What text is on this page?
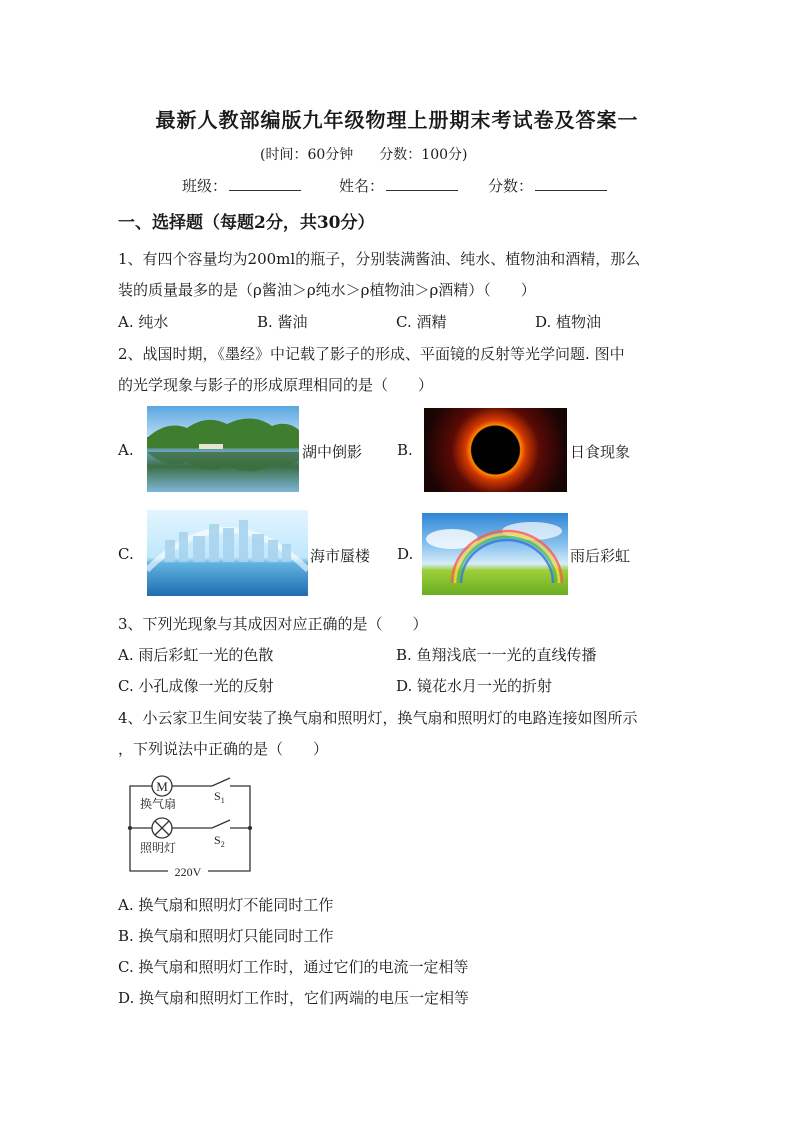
最新人教部编版九年级物理上册期末考试卷及答案一
(时间：60分钟 分数：100分)
班级：	姓名：	分数：
一、选择题（每题2分，共30分）
1、有四个容量均为200ml的瓶子，分别装满酱油、纯水、植物油和酒精，那么
装的质量最多的是（ρ酱油＞ρ纯水＞ρ植物油＞ρ酒精）（　　）
A. 纯水	B. 酱油	C. 酒精	D. 植物油
2、战国时期，《墨经》中记载了影子的形成、平面镜的反射等光学问题. 图中
的光学现象与影子的形成原理相同的是（　　）
A.	湖中倒影 B.	日食现象
C.	海市蜃楼 D.	雨后彩虹
3、下列光现象与其成因对应正确的是（　　）
A. 雨后彩虹一光的色散	B. 鱼翔浅底一一光的直线传播
C. 小孔成像一光的反射	D. 镜花水月一光的折射
4、小云家卫生间安装了换气扇和照明灯，换气扇和照明灯的电路连接如图所示
，下列说法中正确的是（　　）
M
换气扇
照明灯
$S_1$
$S_2$
220V
A. 换气扇和照明灯不能同时工作
B. 换气扇和照明灯只能同时工作
C. 换气扇和照明灯工作时，通过它们的电流一定相等
D. 换气扇和照明灯工作时，它们两端的电压一定相等
